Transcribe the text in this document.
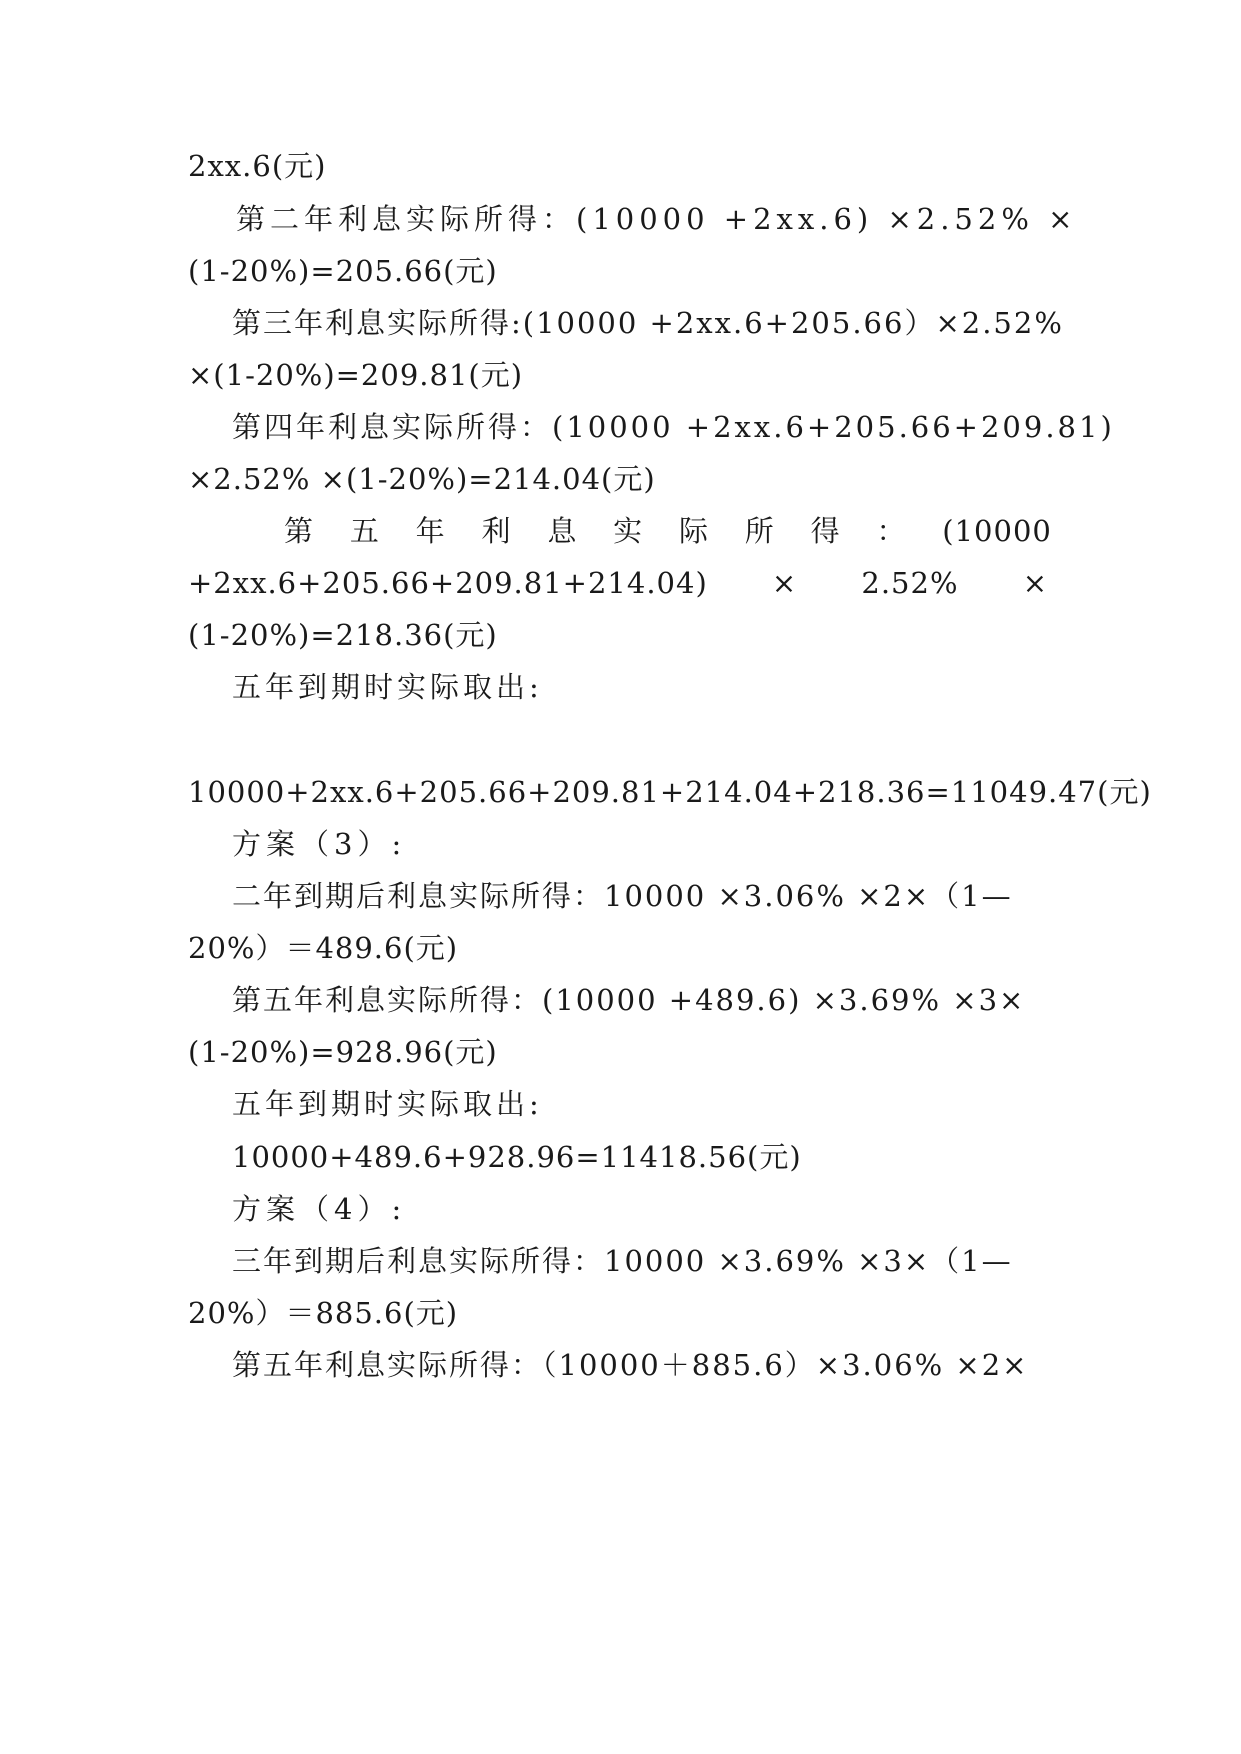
2xx.6(元)
第二年利息实际所得：(10000 +2xx.6) ×2.52% ×
(1-20%)=205.66(元)
第三年利息实际所得:(10000 +2xx.6+205.66）×2.52%
×(1-20%)=209.81(元)
第四年利息实际所得：(10000 +2xx.6+205.66+209.81)
×2.52% ×(1-20%)=214.04(元)
第 五 年 利 息 实 际 所 得 ： (10000
+2xx.6+205.66+209.81+214.04) × 2.52% ×
(1-20%)=218.36(元)
五年到期时实际取出:
10000+2xx.6+205.66+209.81+214.04+218.36=11049.47( 元 )
方案（3）:
二年到期后利息实际所得：10000 ×3.06% ×2×（1—
20%）＝489.6(元)
第五年利息实际所得：(10000 +489.6) ×3.69% ×3×
(1-20%)=928.96(元)
五年到期时实际取出:
10000+489.6+928.96=11418.56(元)
方案（4）:
三年到期后利息实际所得：10000 ×3.69% ×3×（1—
20%）＝885.6(元)
第五年利息实际所得：（10000＋885.6）×3.06% ×2×
